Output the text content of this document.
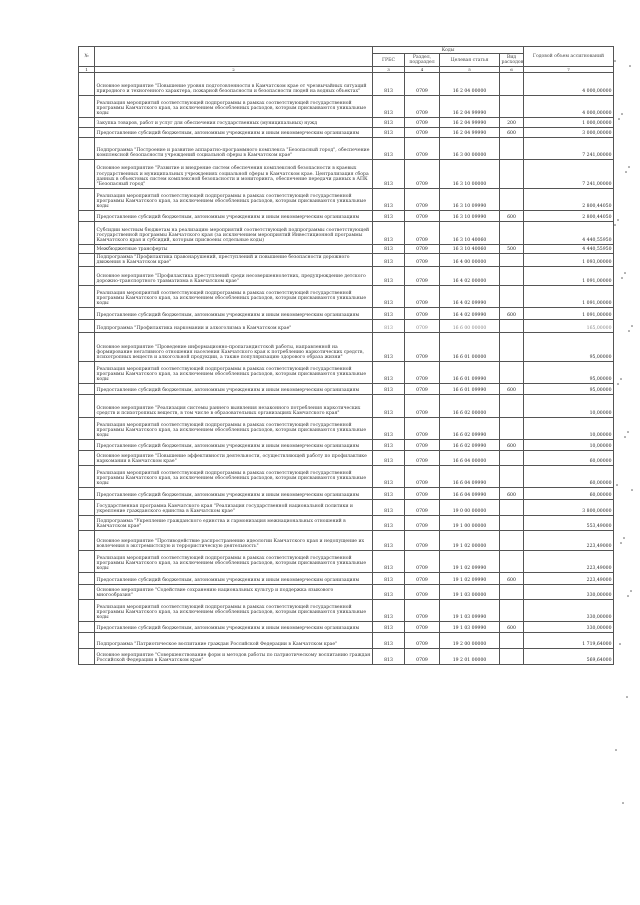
№		Коды				Годовой объем ассигнований
		ГРБС	Раздел, подраздел	Целевая статья	Вид расходов	
1	2	3	4	5	6	7
	Основное мероприятие "Повышение уровня подготовленности в Камчатском крае от чрезвычайных ситуаций природного и техногенного характера, пожарной безопасности и безопасности людей на водных объектах"	813	0709	16 2 04 00000		4 000,00000
	Реализация мероприятий соответствующей подпрограммы в рамках соответствующей государственной программы Камчатского края, за исключением обособленных расходов, которым присваиваются уникальные коды	813	0709	16 2 04 99990		4 000,00000
	Закупка товаров, работ и услуг для обеспечения государственных (муниципальных) нужд	813	0709	16 2 04 99990	200	1 000,00000
	Предоставление субсидий бюджетным, автономным учреждениям и иным некоммерческим организациям	813	0709	16 2 04 99990	600	3 000,00000
	Подпрограмма "Построение и развитие аппаратно-программного комплекса "Безопасный город", обеспечение комплексной безопасности учреждений социальной сферы в Камчатском крае"	813	0709	16 3 00 00000		7 241,00000
	Основное мероприятие "Развитие и внедрение систем обеспечения комплексной безопасности в краевых государственных и муниципальных учреждениях социальной сферы в Камчатском крае. Централизация сбора данных в объектовых систем комплексной безопасности и мониторинга, обеспечение передачи данных в АПК "Безопасный город"	813	0709	16 3 10 00000		7 241,00000
	Реализация мероприятий соответствующей подпрограммы в рамках соответствующей государственной программы Камчатского края, за исключением обособленных расходов, которым присваиваются уникальные коды	813	0709	16 3 10 09990		2 800,44050
	Предоставление субсидий бюджетным, автономным учреждениям и иным некоммерческим организациям	813	0709	16 3 10 09990	600	2 800,44050
	Субсидии местным бюджетам на реализацию мероприятий соответствующей подпрограммы соответствующей государственной программы Камчатского края (за исключением мероприятий Инвестиционной программы Камчатского края и субсидий, которым присвоены отдельные коды)	813	0709	16 3 10 40060		4 440,55950
	Межбюджетные трансферты	813	0709	16 3 10 40060	500	4 440,55950
	Подпрограмма "Профилактика правонарушений, преступлений и повышение безопасности дорожного движения в Камчатском крае"	813	0709	16 4 00 00000		1 093,00000
	Основное мероприятие "Профилактика преступлений среди несовершеннолетних, предупреждение детского дорожно-транспортного травматизма в Камчатском крае"	813	0709	16 4 02 00000		1 091,00000
	Реализация мероприятий соответствующей подпрограммы в рамках соответствующей государственной программы Камчатского края, за исключением обособленных расходов, которым присваиваются уникальные коды	813	0709	16 4 02 09990		1 091,00000
	Предоставление субсидий бюджетным, автономным учреждениям и иным некоммерческим организациям	813	0709	16 4 02 09990	600	1 091,00000
	Подпрограмма "Профилактика наркомании и алкоголизма в Камчатском крае"	813	0709	16 6 00 00000		165,00000
	Основное мероприятие "Проведение информационно-пропагандистской работы, направленной на формирование негативного отношения населения Камчатского края к потреблению наркотических средств, психотропных веществ и алкогольной продукции, а также популяризацию здорового образа жизни"	813	0709	16 6 01 00000		95,00000
	Реализация мероприятий соответствующей подпрограммы в рамках соответствующей государственной программы Камчатского края, за исключением обособленных расходов, которым присваиваются уникальные коды	813	0709	16 6 01 09990		95,00000
	Предоставление субсидий бюджетным, автономным учреждениям и иным некоммерческим организациям	813	0709	16 6 01 09990	600	95,00000
	Основное мероприятие "Реализация системы раннего выявления незаконного потребления наркотических средств и психотропных веществ, в том числе в образовательных организациях Камчатского края"	813	0709	16 6 02 00000		10,00000
	Реализация мероприятий соответствующей подпрограммы в рамках соответствующей государственной программы Камчатского края, за исключением обособленных расходов, которым присваиваются уникальные коды	813	0709	16 6 02 09990		10,00000
	Предоставление субсидий бюджетным, автономным учреждениям и иным некоммерческим организациям	813	0709	16 6 02 09990	600	10,00000
	Основное мероприятие "Повышение эффективности деятельности, осуществляющей работу по профилактике наркомании в Камчатском крае"	813	0709	16 6 04 00000		60,00000
	Реализация мероприятий соответствующей подпрограммы в рамках соответствующей государственной программы Камчатского края, за исключением обособленных расходов, которым присваиваются уникальные коды	813	0709	16 6 04 09990		60,00000
	Предоставление субсидий бюджетным, автономным учреждениям и иным некоммерческим организациям	813	0709	16 6 04 09990	600	60,00000
	Государственная программа Камчатского края "Реализация государственной национальной политики и укрепление гражданского единства в Камчатском крае"	813	0709	19 0 00 00000		3 800,00000
	Подпрограмма "Укрепление гражданского единства и гармонизация межнациональных отношений в Камчатском крае"	813	0709	19 1 00 00000		553,49000
	Основное мероприятие "Противодействие распространению идеологии Камчатского края и недопущение их вовлечения в экстремистскую и террористическую деятельность"	813	0709	19 1 02 00000		223,49000
	Реализация мероприятий соответствующей подпрограммы в рамках соответствующей государственной программы Камчатского края, за исключением обособленных расходов, которым присваиваются уникальные коды	813	0709	19 1 02 09990		223,49000
	Предоставление субсидий бюджетным, автономным учреждениям и иным некоммерческим организациям	813	0709	19 1 02 09990	600	223,49000
	Основное мероприятие "Содействие сохранению национальных культур и поддержка языкового многообразия"	813	0709	19 1 03 00000		330,00000
	Реализация мероприятий соответствующей подпрограммы в рамках соответствующей государственной программы Камчатского края, за исключением обособленных расходов, которым присваиваются уникальные коды	813	0709	19 1 03 09990		330,00000
	Предоставление субсидий бюджетным, автономным учреждениям и иным некоммерческим организациям	813	0709	19 1 03 09990	600	330,00000
	Подпрограмма "Патриотическое воспитание граждан Российской Федерации в Камчатском крае"	813	0709	19 2 00 00000		1 719,64000
	Основное мероприятие "Совершенствование форм и методов работы по патриотическому воспитанию граждан Российской Федерации в Камчатском крае"	813	0709	19 2 01 00000		569,64000
